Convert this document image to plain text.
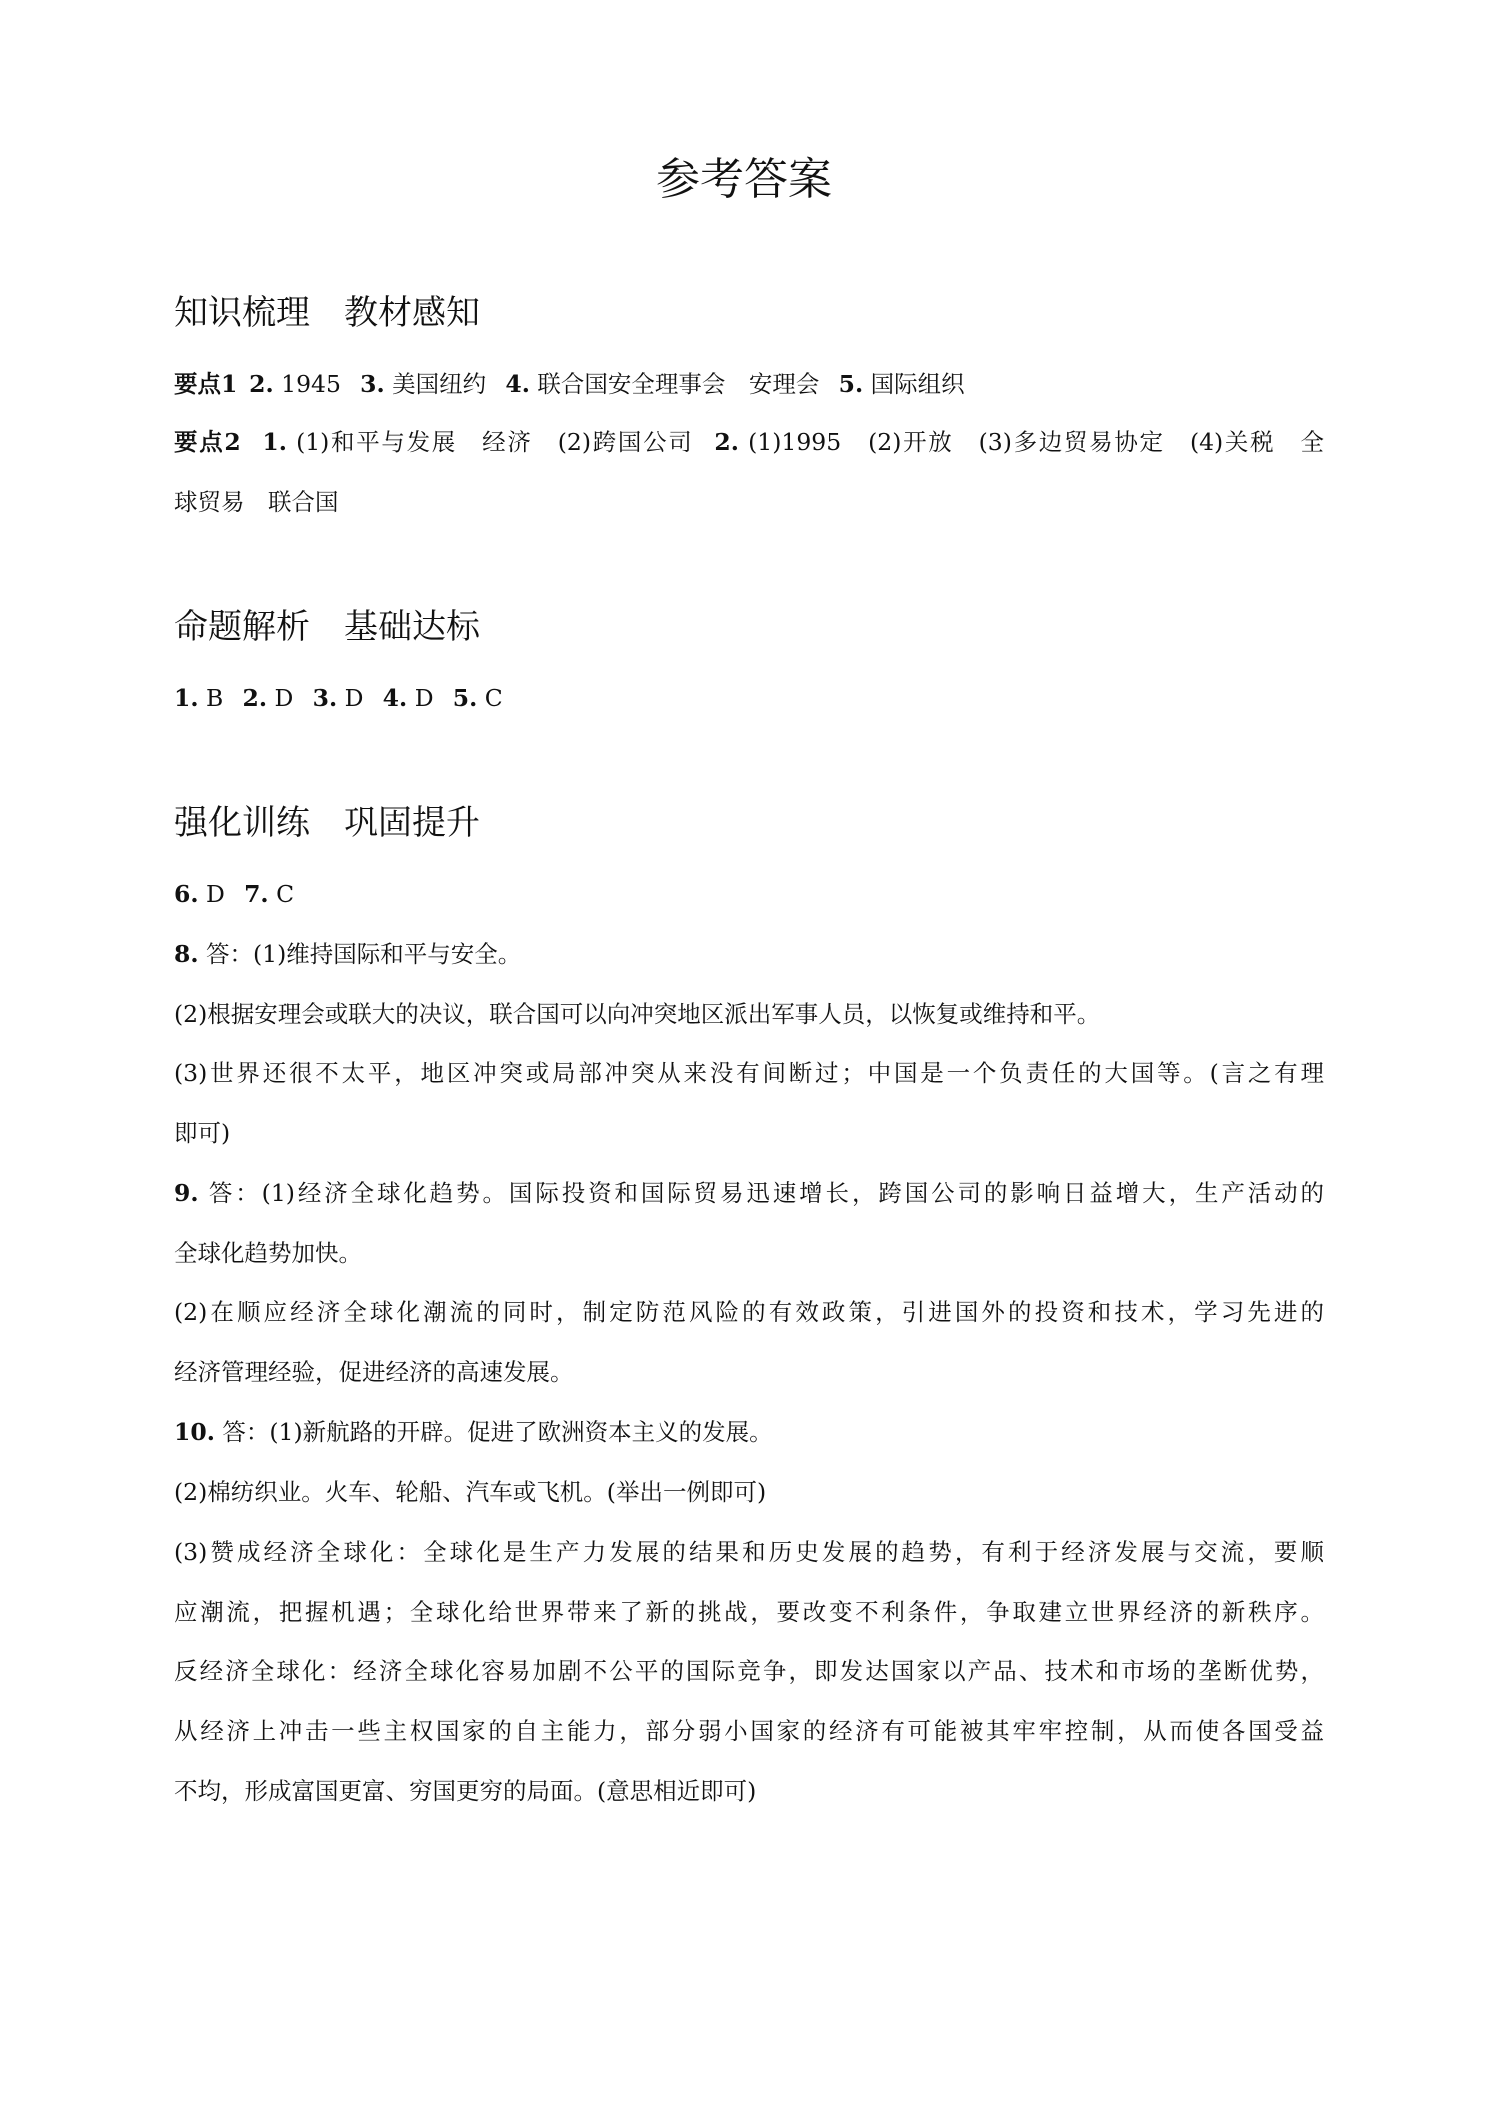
参考答案
知识梳理　教材感知
要点1 2. 1945  3. 美国纽约  4. 联合国安全理事会　安理会  5. 国际组织
要点2  1. (1)和平与发展　经济　(2)跨国公司  2. (1)1995　(2)开放　(3)多边贸易协定　(4)关税　全
球贸易　联合国
命题解析　基础达标
1. B  2. D  3. D  4. D  5. C
强化训练　巩固提升
6. D  7. C
8. 答：(1)维持国际和平与安全。
(2)根据安理会或联大的决议，联合国可以向冲突地区派出军事人员，以恢复或维持和平。
(3)世界还很不太平，地区冲突或局部冲突从来没有间断过；中国是一个负责任的大国等。(言之有理
即可)
9. 答：(1)经济全球化趋势。国际投资和国际贸易迅速增长，跨国公司的影响日益增大，生产活动的
全球化趋势加快。
(2)在顺应经济全球化潮流的同时，制定防范风险的有效政策，引进国外的投资和技术，学习先进的
经济管理经验，促进经济的高速发展。
10. 答：(1)新航路的开辟。促进了欧洲资本主义的发展。
(2)棉纺织业。火车、轮船、汽车或飞机。(举出一例即可)
(3)赞成经济全球化：全球化是生产力发展的结果和历史发展的趋势，有利于经济发展与交流，要顺
应潮流，把握机遇；全球化给世界带来了新的挑战，要改变不利条件，争取建立世界经济的新秩序。
反经济全球化：经济全球化容易加剧不公平的国际竞争，即发达国家以产品、技术和市场的垄断优势，
从经济上冲击一些主权国家的自主能力，部分弱小国家的经济有可能被其牢牢控制，从而使各国受益
不均，形成富国更富、穷国更穷的局面。(意思相近即可)
